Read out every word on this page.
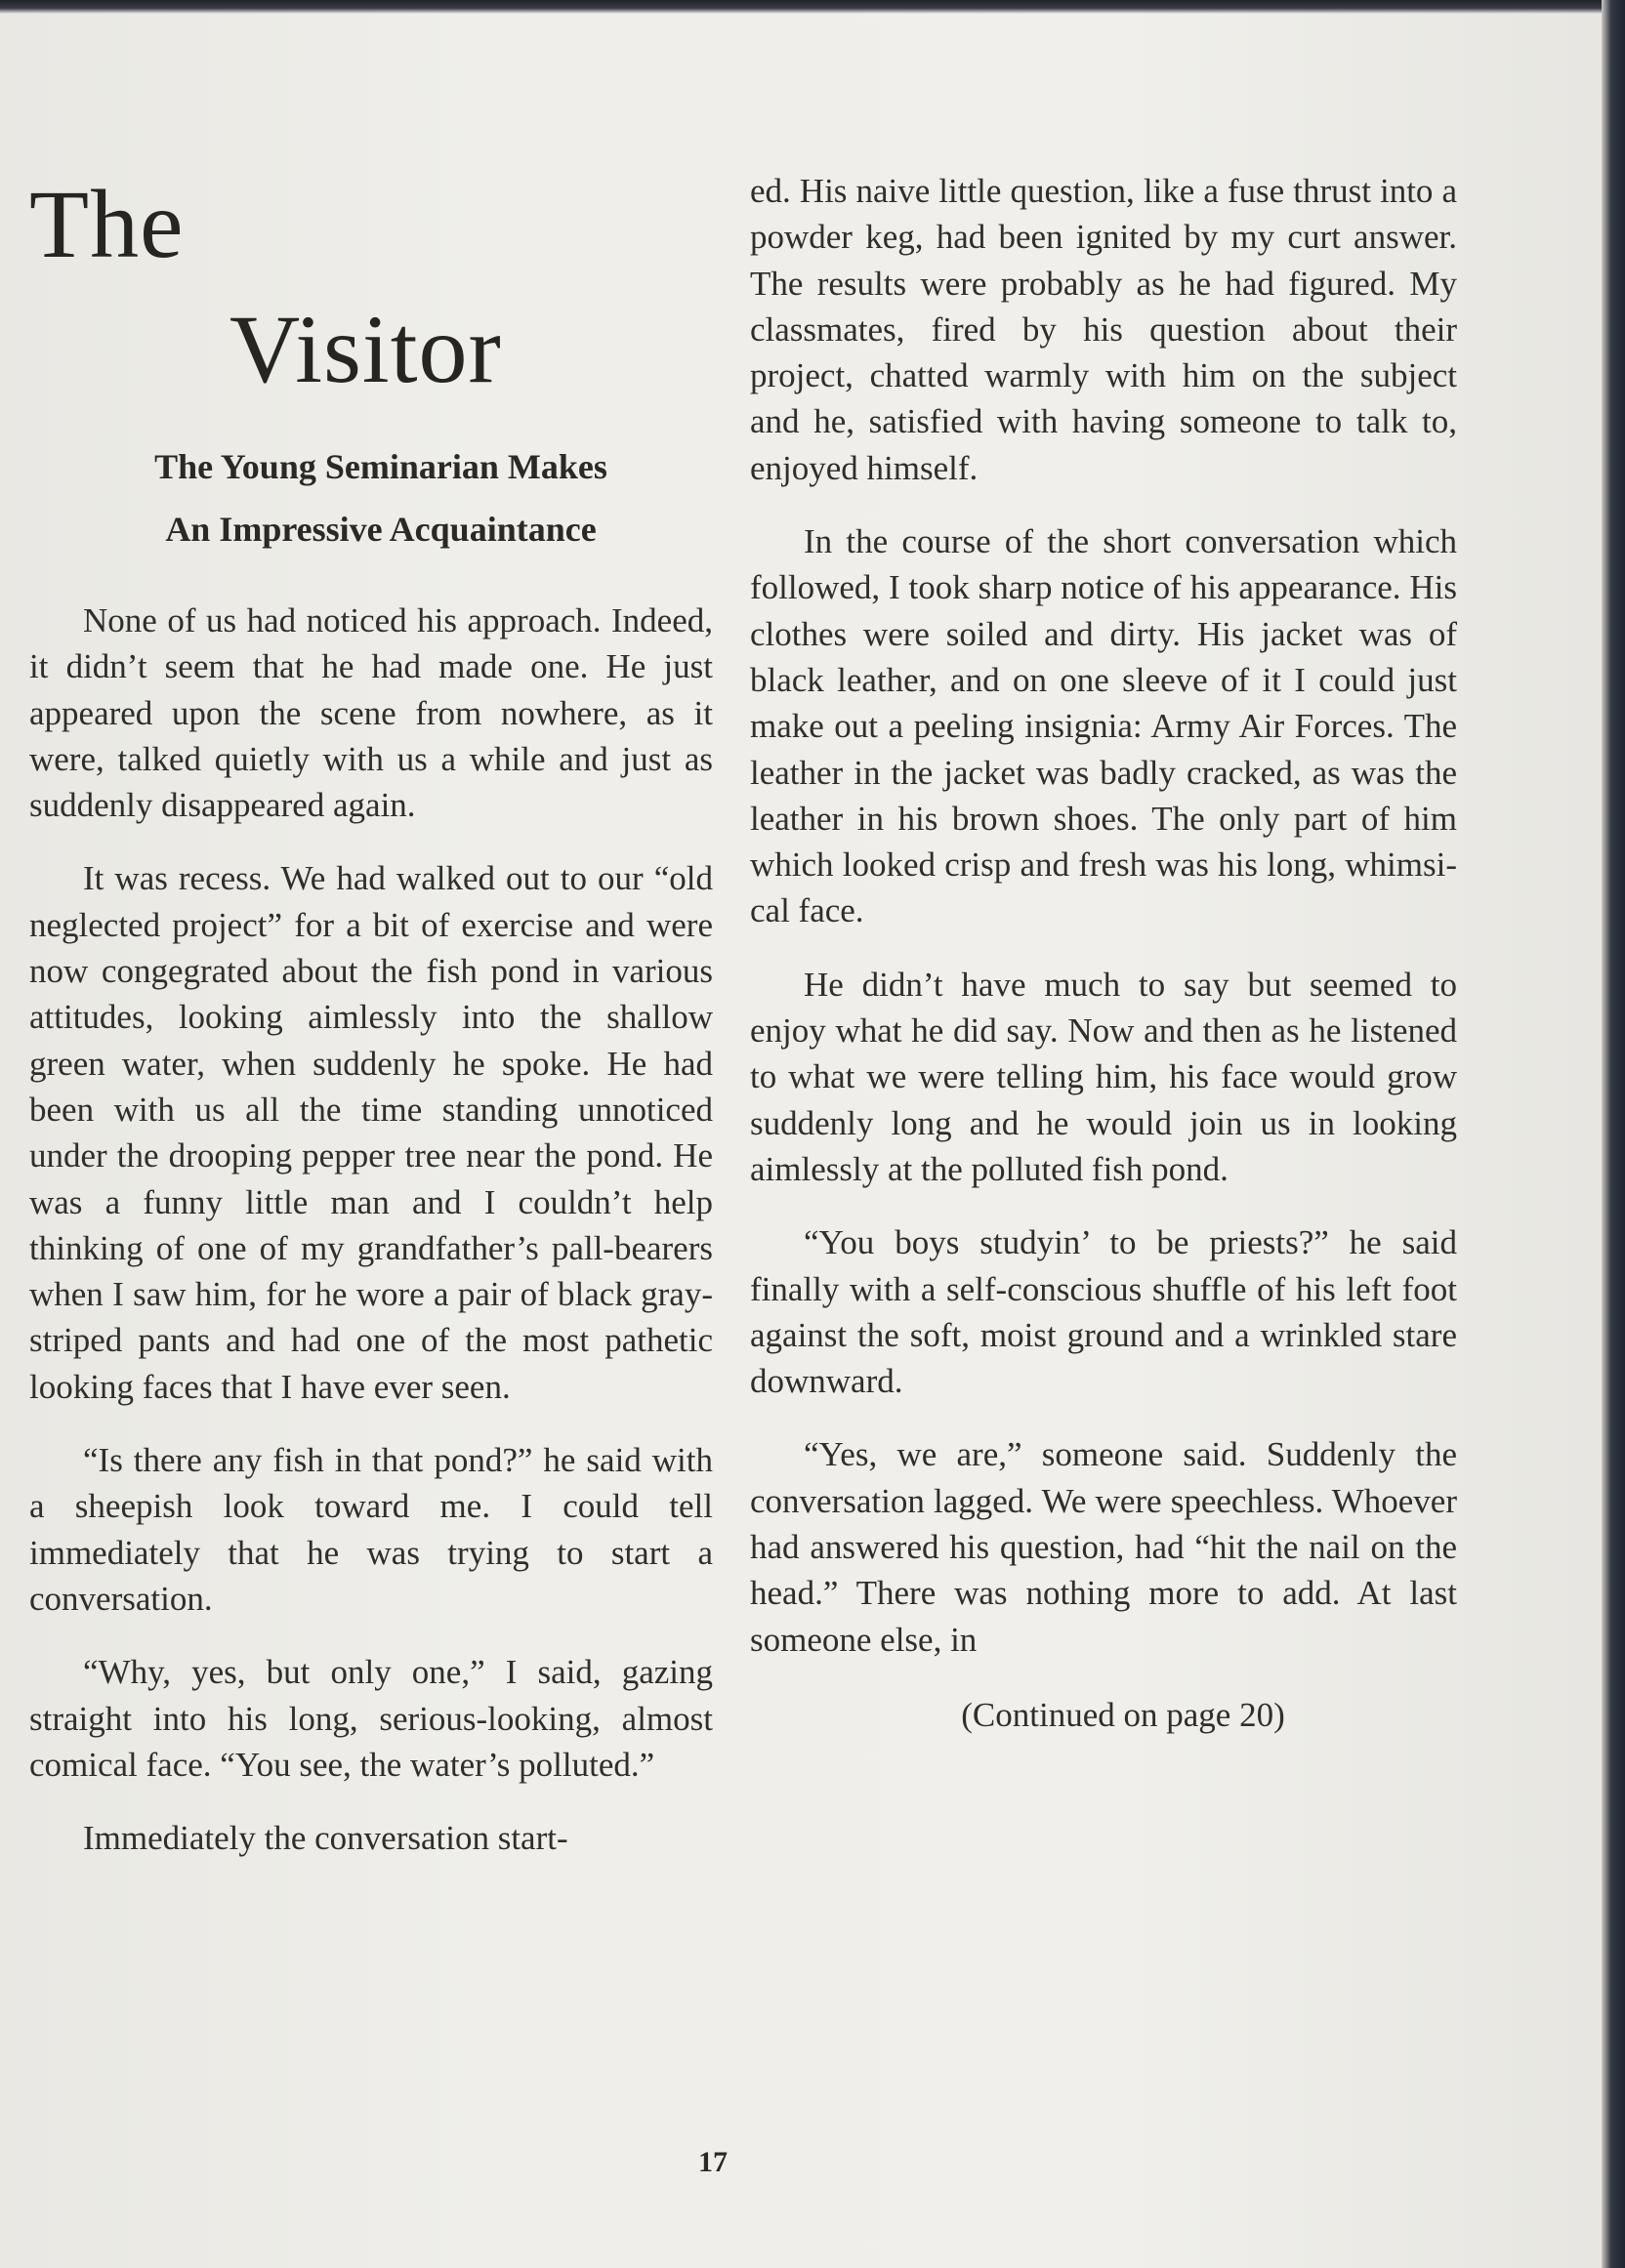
The
Visitor
The Young Seminarian Makes
An Impressive Acquaintance

None of us had noticed his approach. Indeed, it didn’t seem that he had made one. He just appeared upon the scene from nowhere, as it were, talked quietly with us a while and just as suddenly disappeared again.

It was recess. We had walked out to our “old neglected project” for a bit of exercise and were now congegrated about the fish pond in various attitudes, looking aimlessly into the shallow green water, when suddenly he spoke. He had been with us all the time standing unnoticed under the drooping pepper tree near the pond. He was a funny little man and I couldn’t help thinking of one of my grandfather’s pall-bearers when I saw him, for he wore a pair of black gray-striped pants and had one of the most pathetic looking faces that I have ever seen.

“Is there any fish in that pond?” he said with a sheepish look toward me. I could tell immediately that he was trying to start a conversation.

“Why, yes, but only one,” I said, gazing straight into his long, serious-looking, almost comical face. “You see, the water’s polluted.”

Immediately the conversation start-

ed. His naive little question, like a fuse thrust into a powder keg, had been ignited by my curt answer. The results were probably as he had figured. My classmates, fired by his question about their project, chatted warmly with him on the subject and he, satisfied with having someone to talk to, enjoyed himself.

In the course of the short conversation which followed, I took sharp notice of his appearance. His clothes were soiled and dirty. His jacket was of black leather, and on one sleeve of it I could just make out a peeling insignia: Army Air Forces. The leather in the jacket was badly cracked, as was the leather in his brown shoes. The only part of him which looked crisp and fresh was his long, whimsical face.

He didn’t have much to say but seemed to enjoy what he did say. Now and then as he listened to what we were telling him, his face would grow suddenly long and he would join us in looking aimlessly at the polluted fish pond.

“You boys studyin’ to be priests?” he said finally with a self-conscious shuffle of his left foot against the soft, moist ground and a wrinkled stare downward.

“Yes, we are,” someone said. Suddenly the conversation lagged. We were speechless. Whoever had answered his question, had “hit the nail on the head.” There was nothing more to add. At last someone else, in

(Continued on page 20)
17
